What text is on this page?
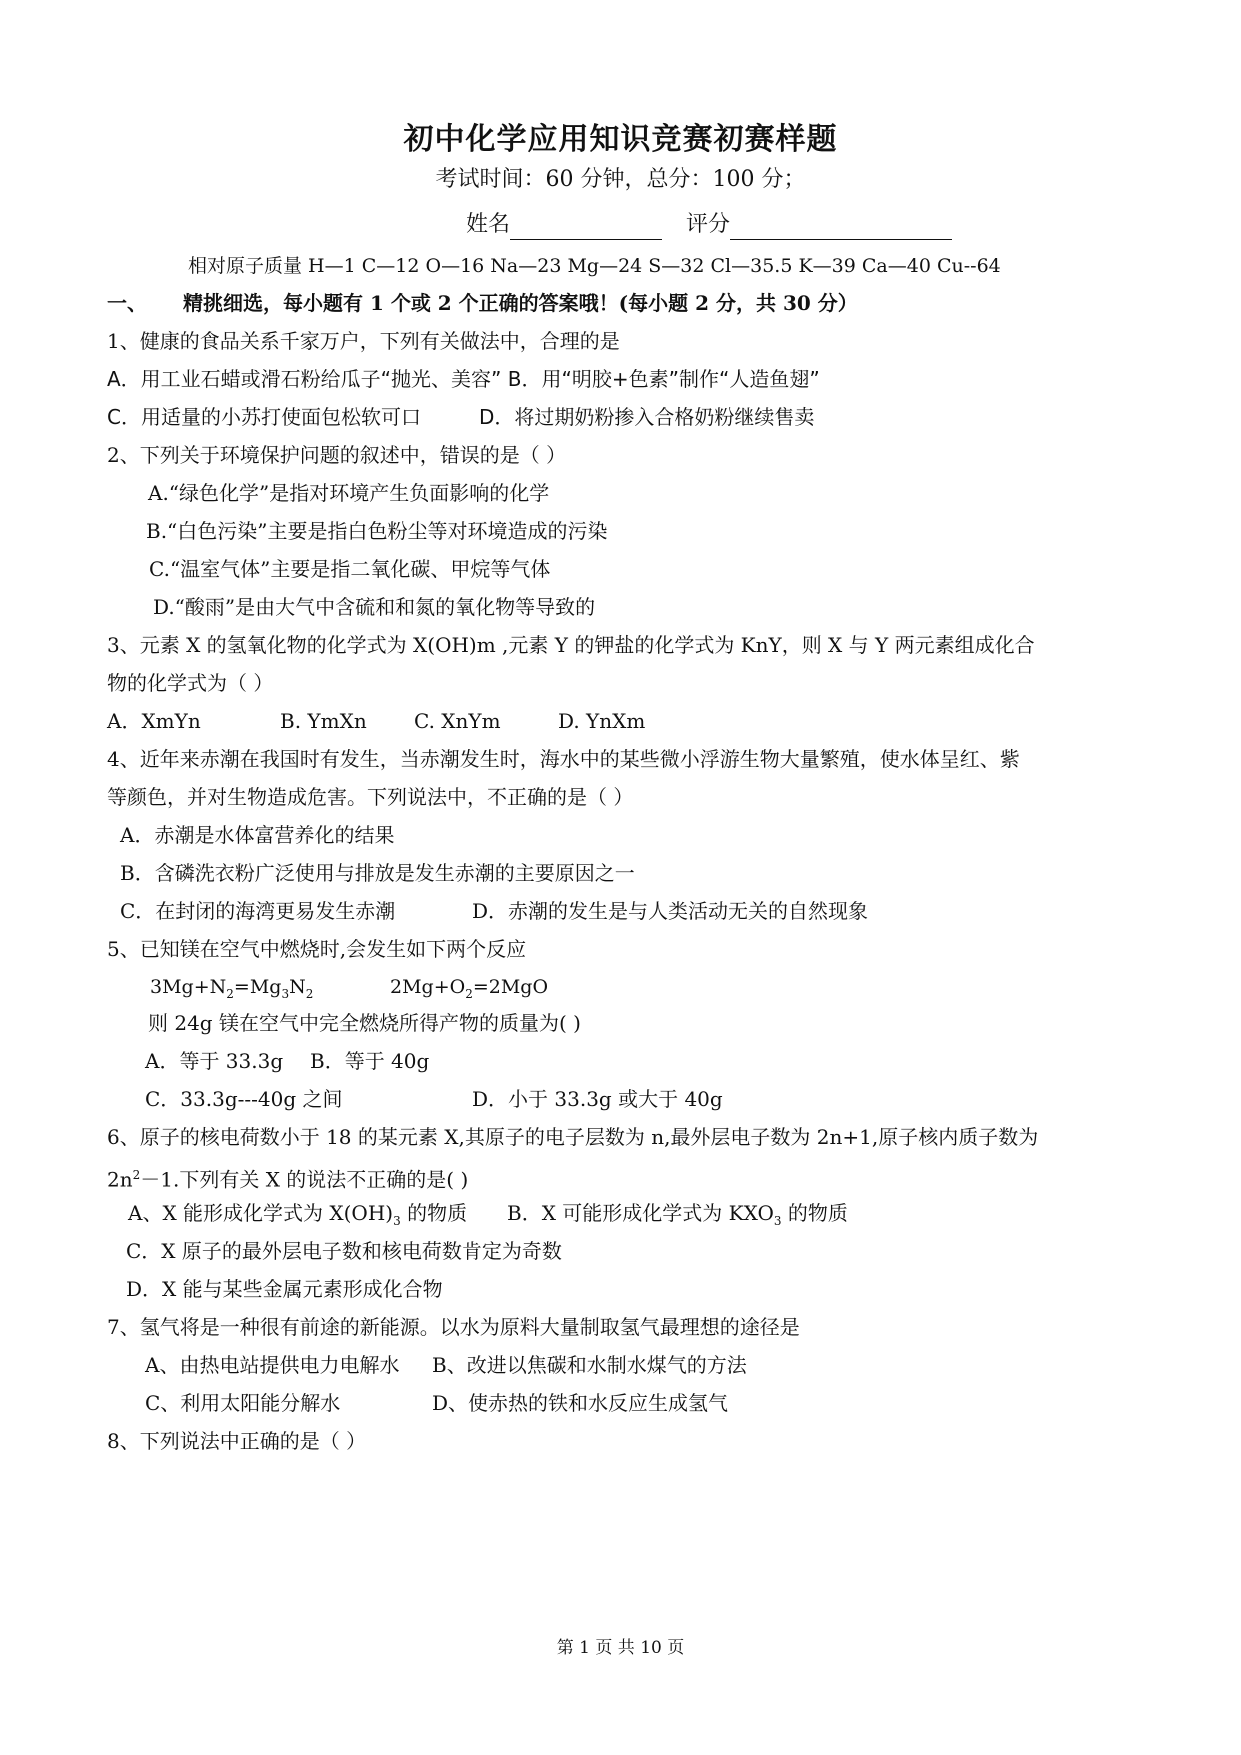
初中化学应用知识竞赛初赛样题
考试时间：60 分钟，总分：100 分；
姓名	评分
相对原子质量 H—1 C—12 O—16 Na—23 Mg—24 S—32 Cl—35.5 K—39 Ca—40 Cu--64
一、 精挑细选，每小题有 1 个或 2 个正确的答案哦！(每小题 2 分，共 30 分）
1、健康的食品关系千家万户，下列有关做法中，合理的是
A．用工业石蜡或滑石粉给瓜子“抛光、美容” B．用“明胶+色素”制作“人造鱼翅”
C．用适量的小苏打使面包松软可口	D．将过期奶粉掺入合格奶粉继续售卖
2、下列关于环境保护问题的叙述中，错误的是（ ）
A.“绿色化学”是指对环境产生负面影响的化学
B.“白色污染”主要是指白色粉尘等对环境造成的污染
C.“温室气体”主要是指二氧化碳、甲烷等气体
D.“酸雨”是由大气中含硫和和氮的氧化物等导致的
3、元素 X 的氢氧化物的化学式为 X(OH)m ,元素 Y 的钾盐的化学式为 KnY，则 X 与 Y 两元素组成化合
物的化学式为（ ）
A．XmYn	B. YmXn C. XnYm	D. YnXm
4、近年来赤潮在我国时有发生，当赤潮发生时，海水中的某些微小浮游生物大量繁殖，使水体呈红、紫
等颜色，并对生物造成危害。下列说法中，不正确的是（ ）
A．赤潮是水体富营养化的结果
B．含磷洗衣粉广泛使用与排放是发生赤潮的主要原因之一
C．在封闭的海湾更易发生赤潮	D．赤潮的发生是与人类活动无关的自然现象
5、已知镁在空气中燃烧时,会发生如下两个反应
$3Mg+N_2=Mg_3N_2$	$2Mg+O_2=2MgO$
则 24g 镁在空气中完全燃烧所得产物的质量为( )
A．等于 33.3g B．等于 40g
C．33.3g---40g 之间	D．小于 33.3g 或大于 40g
6、原子的核电荷数小于 18 的某元素 X,其原子的电子层数为 n,最外层电子数为 2n+1,原子核内质子数为
$2n^2-1$.下列有关 X 的说法不正确的是( )
A、X 能形成化学式为 $X(OH)_3$ 的物质 B．X 可能形成化学式为 $KXO_3$ 的物质
C．X 原子的最外层电子数和核电荷数肯定为奇数
D．X 能与某些金属元素形成化合物
7、氢气将是一种很有前途的新能源。以水为原料大量制取氢气最理想的途径是
A、由热电站提供电力电解水 B、改进以焦碳和水制水煤气的方法
C、利用太阳能分解水	D、使赤热的铁和水反应生成氢气
8、下列说法中正确的是（ ）
第 1 页 共 10 页
